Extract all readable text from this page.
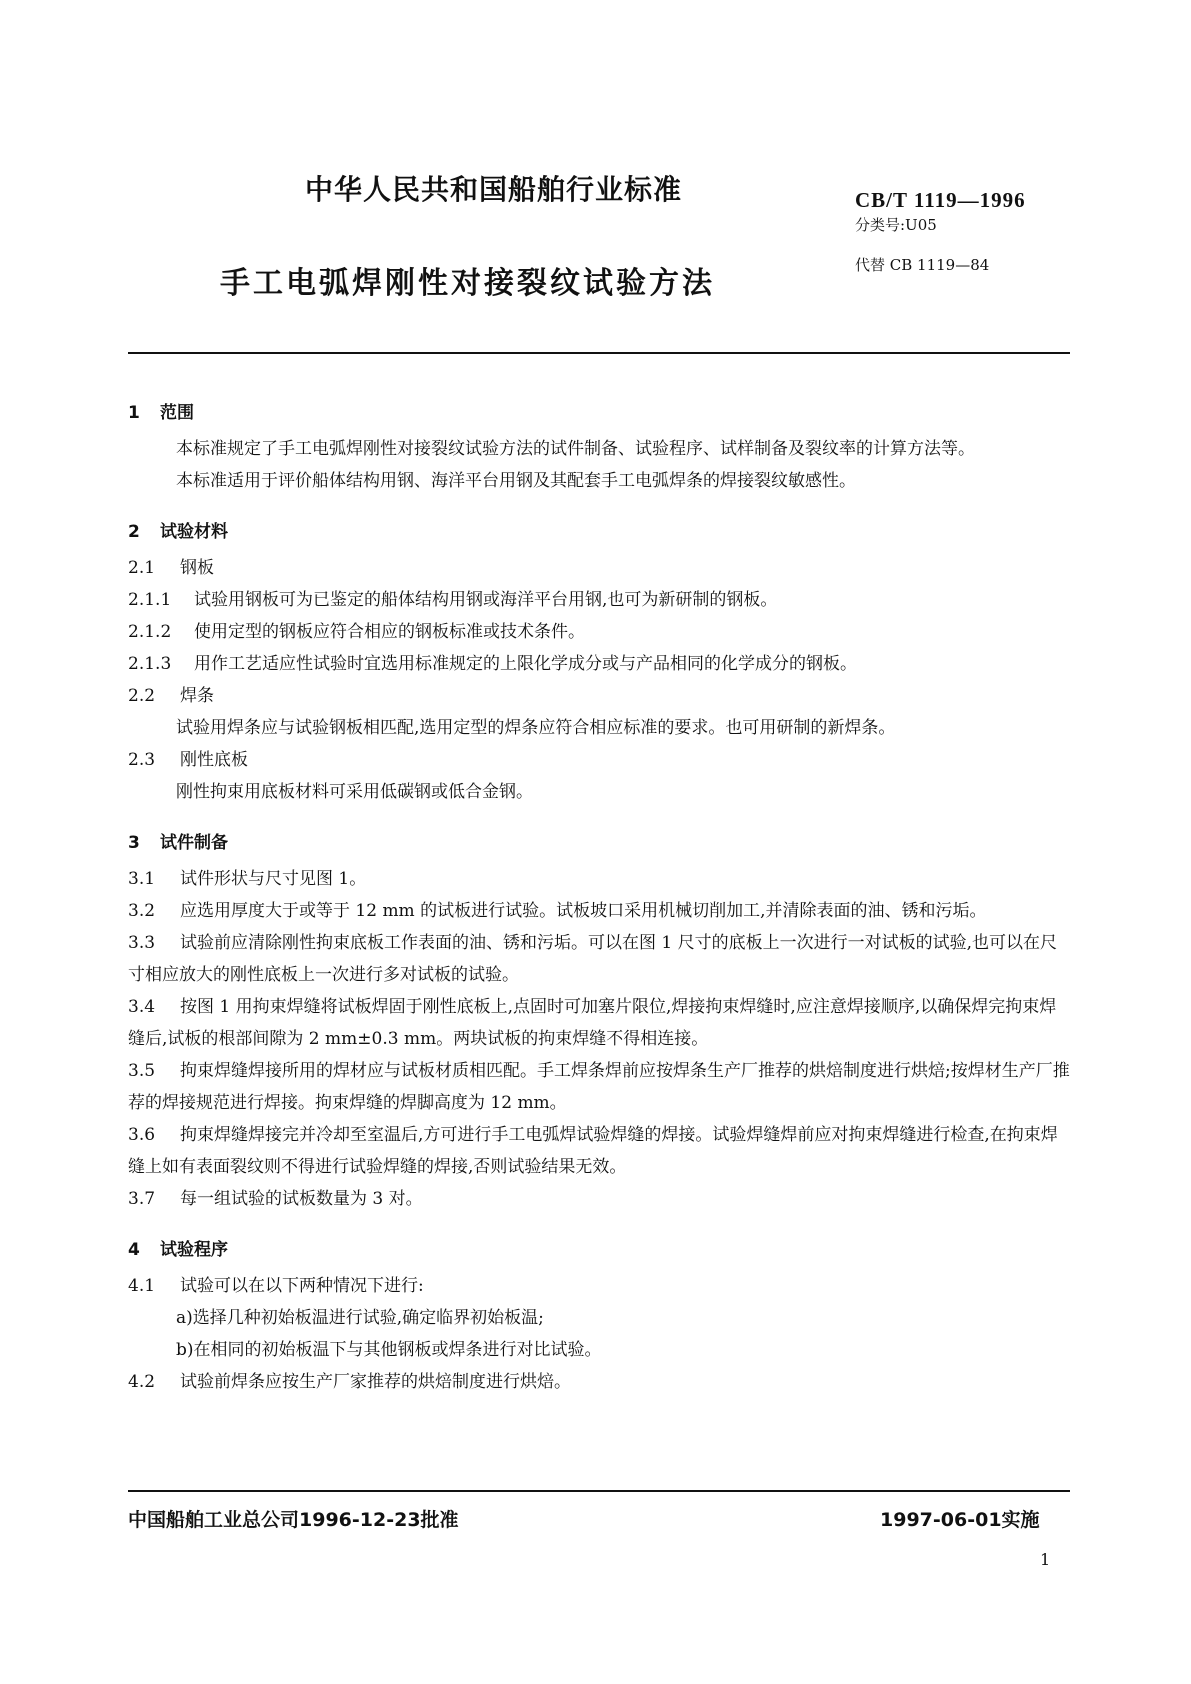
中华人民共和国船舶行业标准
手工电弧焊刚性对接裂纹试验方法
CB/T 1119—1996
分类号:U05
代替 CB 1119—84
1 范围

本标准规定了手工电弧焊刚性对接裂纹试验方法的试件制备、试验程序、试样制备及裂纹率的计算方法等。

本标准适用于评价船体结构用钢、海洋平台用钢及其配套手工电弧焊条的焊接裂纹敏感性。

2 试验材料

2.1 钢板

2.1.1 试验用钢板可为已鉴定的船体结构用钢或海洋平台用钢,也可为新研制的钢板。

2.1.2 使用定型的钢板应符合相应的钢板标准或技术条件。

2.1.3 用作工艺适应性试验时宜选用标准规定的上限化学成分或与产品相同的化学成分的钢板。

2.2 焊条

试验用焊条应与试验钢板相匹配,选用定型的焊条应符合相应标准的要求。也可用研制的新焊条。

2.3 刚性底板

刚性拘束用底板材料可采用低碳钢或低合金钢。

3 试件制备

3.1 试件形状与尺寸见图 1。

3.2 应选用厚度大于或等于 12 mm 的试板进行试验。试板坡口采用机械切削加工,并清除表面的油、锈和污垢。

3.3 试验前应清除刚性拘束底板工作表面的油、锈和污垢。可以在图 1 尺寸的底板上一次进行一对试板的试验,也可以在尺寸相应放大的刚性底板上一次进行多对试板的试验。

3.4 按图 1 用拘束焊缝将试板焊固于刚性底板上,点固时可加塞片限位,焊接拘束焊缝时,应注意焊接顺序,以确保焊完拘束焊缝后,试板的根部间隙为 2 mm±0.3 mm。两块试板的拘束焊缝不得相连接。

3.5 拘束焊缝焊接所用的焊材应与试板材质相匹配。手工焊条焊前应按焊条生产厂推荐的烘焙制度进行烘焙;按焊材生产厂推荐的焊接规范进行焊接。拘束焊缝的焊脚高度为 12 mm。

3.6 拘束焊缝焊接完并冷却至室温后,方可进行手工电弧焊试验焊缝的焊接。试验焊缝焊前应对拘束焊缝进行检查,在拘束焊缝上如有表面裂纹则不得进行试验焊缝的焊接,否则试验结果无效。

3.7 每一组试验的试板数量为 3 对。

4 试验程序

4.1 试验可以在以下两种情况下进行:

a)选择几种初始板温进行试验,确定临界初始板温;

b)在相同的初始板温下与其他钢板或焊条进行对比试验。

4.2 试验前焊条应按生产厂家推荐的烘焙制度进行烘焙。

中国船舶工业总公司1996-12-23批准	1997-06-01实施
1
